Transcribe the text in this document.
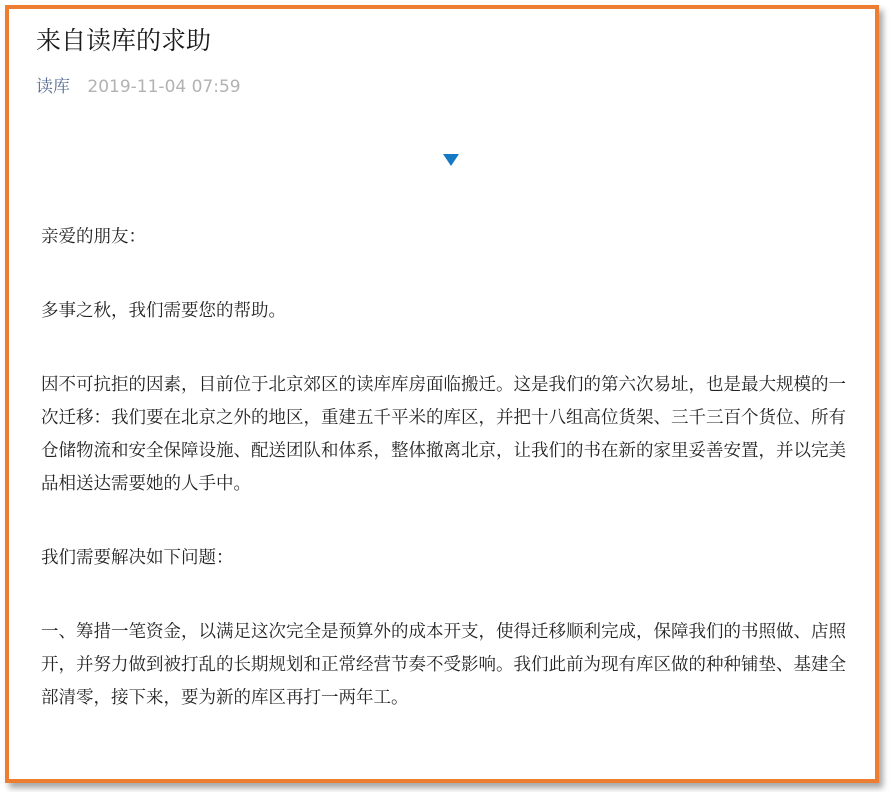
来自读库的求助
读库 2019-11-04 07:59

亲爱的朋友：

多事之秋，我们需要您的帮助。

因不可抗拒的因素，目前位于北京郊区的读库库房面临搬迁。这是我们的第六次易址，也是最大规模的一次迁移：我们要在北京之外的地区，重建五千平米的库区，并把十八组高位货架、三千三百个货位、所有仓储物流和安全保障设施、配送团队和体系，整体撤离北京，让我们的书在新的家里妥善安置，并以完美品相送达需要她的人手中。

我们需要解决如下问题：

一、筹措一笔资金，以满足这次完全是预算外的成本开支，使得迁移顺利完成，保障我们的书照做、店照开，并努力做到被打乱的长期规划和正常经营节奏不受影响。我们此前为现有库区做的种种铺垫、基建全部清零，接下来，要为新的库区再打一两年工。
